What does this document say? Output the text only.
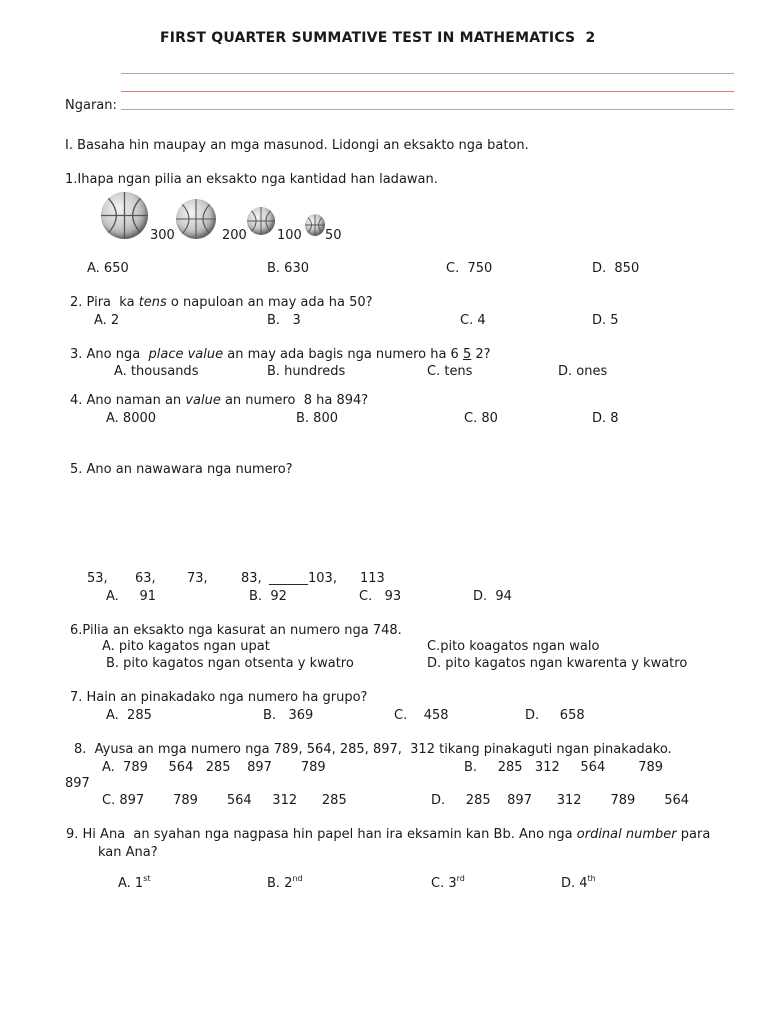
FIRST QUARTER SUMMATIVE TEST IN MATHEMATICS  2
Ngaran:
I. Basaha hin maupay an mga masunod. Lidongi an eksakto nga baton.
1.Ihapa ngan pilia an eksakto nga kantidad han ladawan.
300	200 100 50
A. 650	B. 630	C.  750	D.  850
2. Pira  ka tens o napuloan an may ada ha 50?
A. 2	B.   3	C. 4	D. 5
3. Ano nga  place value an may ada bagis nga numero ha 6 5 2?
A. thousands	B. hundreds	C. tens	D. ones
4. Ano naman an value an numero  8 ha 894?
A. 8000	B. 800	C. 80	D. 8
5. Ano an nawawara nga numero?
53, 63, 73,	83, ______103, 113
A.     91	B.  92	C.   93	D.  94
6.Pilia an eksakto nga kasurat an numero nga 748.
A. pito kagatos ngan upat	C.pito koagatos ngan walo
B. pito kagatos ngan otsenta y kwatro	D. pito kagatos ngan kwarenta y kwatro
7. Hain an pinakadako nga numero ha grupo?
A.  285	B.   369	C.    458	D.     658
8.  Ayusa an mga numero nga 789, 564, 285, 897,  312 tikang pinakaguti ngan pinakadako.
A.  789     564   285    897       789	B.     285   312     564        789
897
C. 897       789       564     312      285	D.     285    897      312       789       564
9. Hi Ana  an syahan nga nagpasa hin papel han ira eksamin kan Bb. Ano nga ordinal number para
kan Ana?
A. 1st	B. 2nd	C. 3rd	D. 4th
